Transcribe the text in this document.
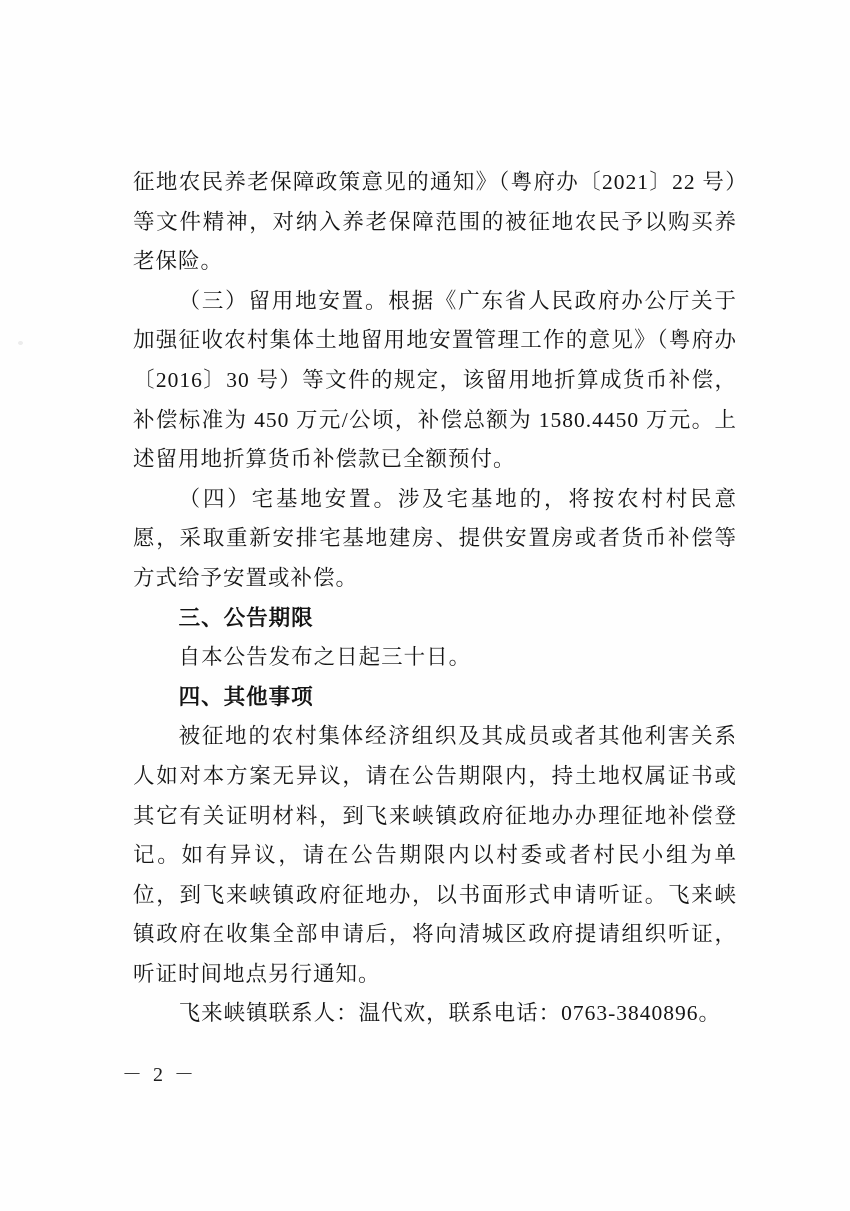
征地农民养老保障政策意见的通知》（粤府办〔2021〕22 号）等文件精神，对纳入养老保障范围的被征地农民予以购买养老保险。

（三）留用地安置。根据《广东省人民政府办公厅关于加强征收农村集体土地留用地安置管理工作的意见》（粤府办〔2016〕30 号）等文件的规定，该留用地折算成货币补偿，补偿标准为 450 万元/公顷，补偿总额为 1580.4450 万元。上述留用地折算货币补偿款已全额预付。

（四）宅基地安置。涉及宅基地的，将按农村村民意愿，采取重新安排宅基地建房、提供安置房或者货币补偿等方式给予安置或补偿。

三、公告期限

自本公告发布之日起三十日。

四、其他事项

被征地的农村集体经济组织及其成员或者其他利害关系人如对本方案无异议，请在公告期限内，持土地权属证书或其它有关证明材料，到飞来峡镇政府征地办办理征地补偿登记。如有异议，请在公告期限内以村委或者村民小组为单位，到飞来峡镇政府征地办，以书面形式申请听证。飞来峡镇政府在收集全部申请后，将向清城区政府提请组织听证，听证时间地点另行通知。

飞来峡镇联系人：温代欢，联系电话：0763-3840896。

－ 2 －
